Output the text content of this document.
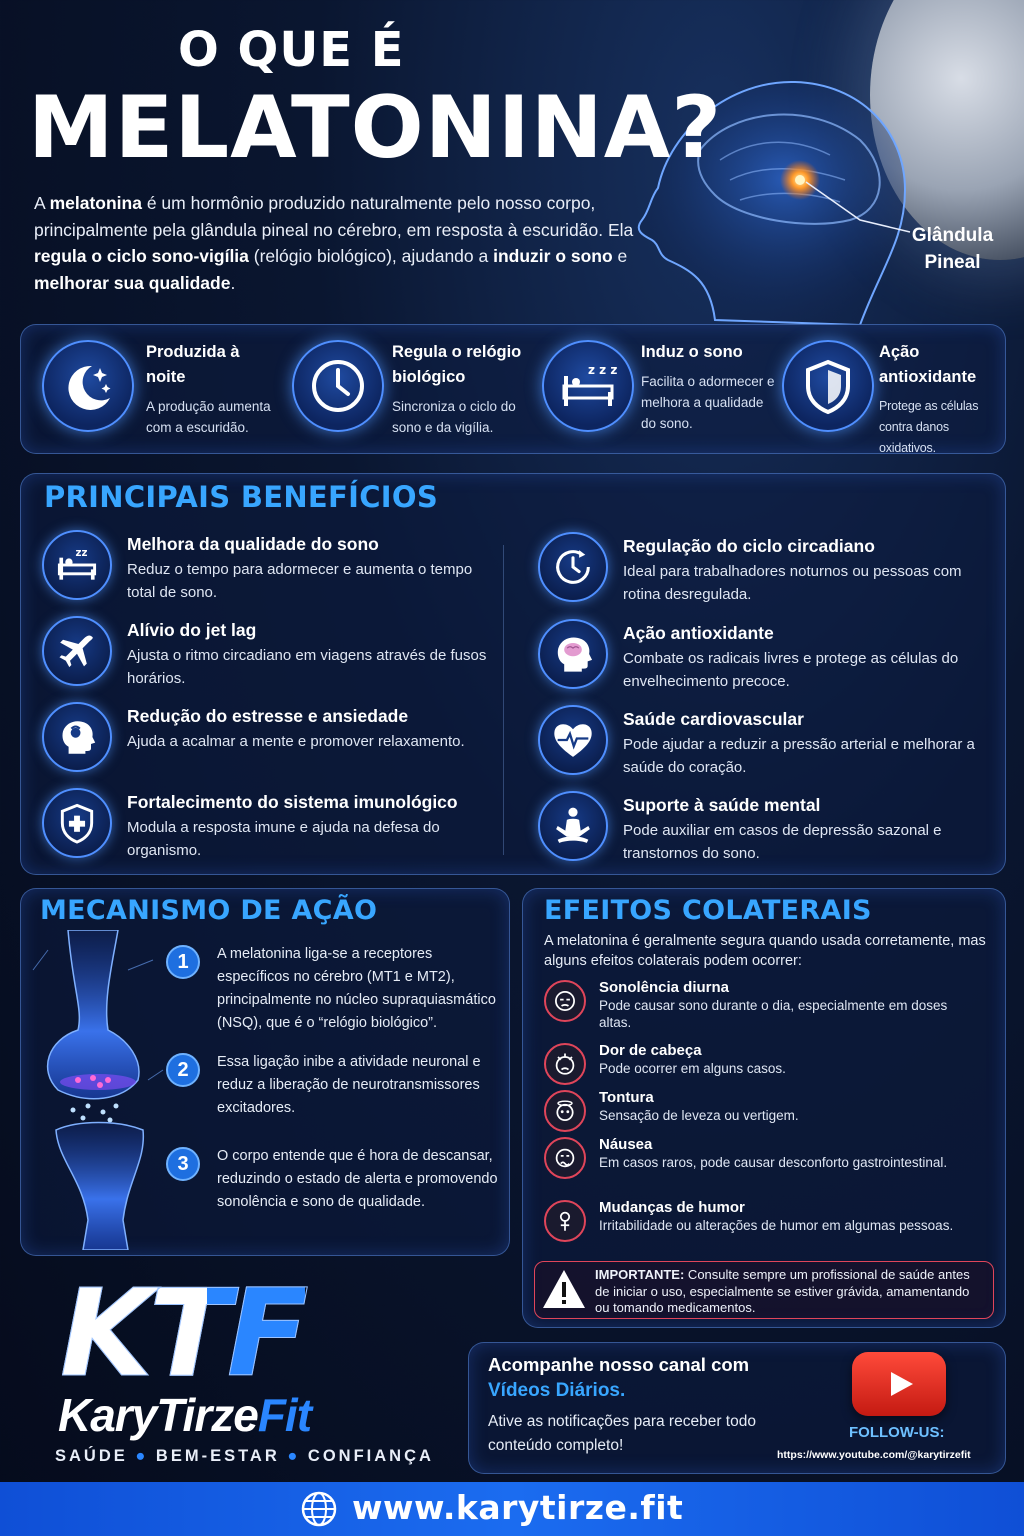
O QUE É
MELATONINA?

A melatonina é um hormônio produzido naturalmente pelo nosso corpo, principalmente pela glândula pineal no cérebro, em resposta à escuridão. Ela regula o ciclo sono-vigília (relógio biológico), ajudando a induzir o sono e melhorar sua qualidade.

Glândula
Pineal
Produzida à noite
A produção aumenta com a escuridão.
Regula o relógio biológico
Sincroniza o ciclo do sono e da vigília.
z z z
Induz o sono
Facilita o adormecer e melhora a qualidade do sono.
Ação antioxidante
Protege as células contra danos oxidativos.
PRINCIPAIS BENEFÍCIOS
zz Melhora da qualidade do sono
Reduz o tempo para adormecer e aumenta o tempo total de sono.
Alívio do jet lag
Ajusta o ritmo circadiano em viagens através de fusos horários.
Redução do estresse e ansiedade
Ajuda a acalmar a mente e promover relaxamento.
Fortalecimento do sistema imunológico
Modula a resposta imune e ajuda na defesa do organismo.
Regulação do ciclo circadiano
Ideal para trabalhadores noturnos ou pessoas com rotina desregulada.
Ação antioxidante
Combate os radicais livres e protege as células do envelhecimento precoce.
Saúde cardiovascular
Pode ajudar a reduzir a pressão arterial e melhorar a saúde do coração.
Suporte à saúde mental
Pode auxiliar em casos de depressão sazonal e transtornos do sono.
MECANISMO DE AÇÃO
1	A melatonina liga-se a receptores específicos no cérebro (MT1 e MT2), principalmente no núcleo supraquiasmático (NSQ), que é o “relógio biológico”.
2	Essa ligação inibe a atividade neuronal e reduz a liberação de neurotransmissores excitadores.
3	O corpo entende que é hora de descansar, reduzindo o estado de alerta e promovendo sonolência e sono de qualidade.
EFEITOS COLATERAIS
A melatonina é geralmente segura quando usada corretamente, mas alguns efeitos colaterais podem ocorrer:
Sonolência diurna
Pode causar sono durante o dia, especialmente em doses altas.
Dor de cabeça
Pode ocorrer em alguns casos.
Tontura
Sensação de leveza ou vertigem.
Náusea
Em casos raros, pode causar desconforto gastrointestinal.
Mudanças de humor
Irritabilidade ou alterações de humor em algumas pessoas.
IMPORTANTE: Consulte sempre um profissional de saúde antes de iniciar o uso, especialmente se estiver grávida, amamentando ou tomando medicamentos.
KTF
KaryTirzeFit
SAÚDE ● BEM-ESTAR ● CONFIANÇA
Acompanhe nosso canal com
Vídeos Diários.
Ative as notificações para receber todo conteúdo completo!
FOLLOW-US:
https://www.youtube.com/@karytirzefit
www.karytirze.fit
